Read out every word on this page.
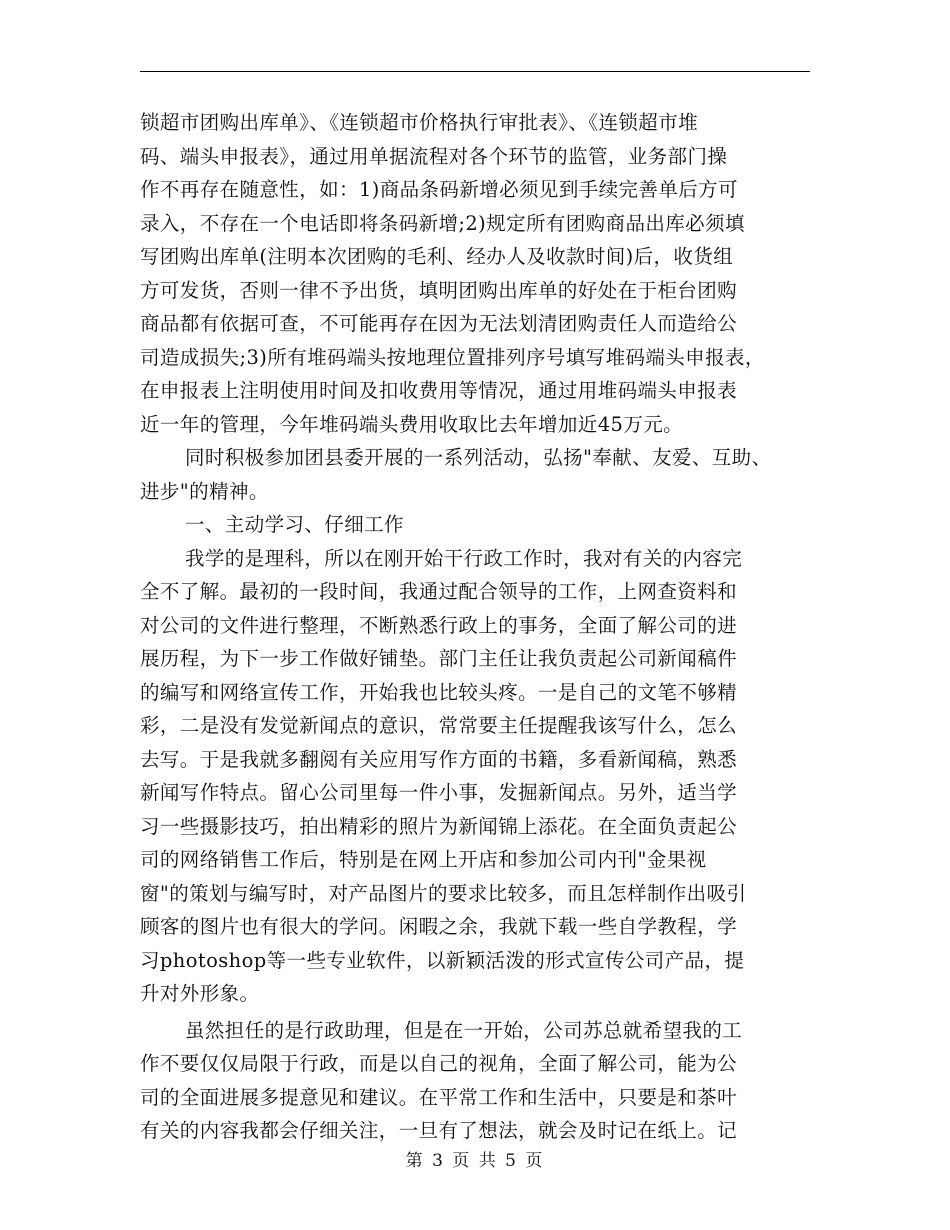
锁超市团购出库单》、《连锁超市价格执行审批表》、《连锁超市堆
码、端头申报表》，通过用单据流程对各个环节的监管，业务部门操
作不再存在随意性，如：1)商品条码新增必须见到手续完善单后方可
录入，不存在一个电话即将条码新增;2)规定所有团购商品出库必须填
写团购出库单(注明本次团购的毛利、经办人及收款时间)后，收货组
方可发货，否则一律不予出货，填明团购出库单的好处在于柜台团购
商品都有依据可查，不可能再存在因为无法划清团购责任人而造给公
司造成损失;3)所有堆码端头按地理位置排列序号填写堆码端头申报表，
在申报表上注明使用时间及扣收费用等情况，通过用堆码端头申报表
近一年的管理，今年堆码端头费用收取比去年增加近45万元。
同时积极参加团县委开展的一系列活动，弘扬"奉献、友爱、互助、
进步"的精神。
一、主动学习、仔细工作
我学的是理科，所以在刚开始干行政工作时，我对有关的内容完
全不了解。最初的一段时间，我通过配合领导的工作，上网查资料和
对公司的文件进行整理，不断熟悉行政上的事务，全面了解公司的进
展历程，为下一步工作做好铺垫。部门主任让我负责起公司新闻稿件
的编写和网络宣传工作，开始我也比较头疼。一是自己的文笔不够精
彩，二是没有发觉新闻点的意识，常常要主任提醒我该写什么，怎么
去写。于是我就多翻阅有关应用写作方面的书籍，多看新闻稿，熟悉
新闻写作特点。留心公司里每一件小事，发掘新闻点。另外，适当学
习一些摄影技巧，拍出精彩的照片为新闻锦上添花。在全面负责起公
司的网络销售工作后，特别是在网上开店和参加公司内刊"金果视
窗"的策划与编写时，对产品图片的要求比较多，而且怎样制作出吸引
顾客的图片也有很大的学问。闲暇之余，我就下载一些自学教程，学
习photoshop等一些专业软件，以新颖活泼的形式宣传公司产品，提
升对外形象。
虽然担任的是行政助理，但是在一开始，公司苏总就希望我的工
作不要仅仅局限于行政，而是以自己的视角，全面了解公司，能为公
司的全面进展多提意见和建议。在平常工作和生活中，只要是和茶叶
有关的内容我都会仔细关注，一旦有了想法，就会及时记在纸上。记
第 3 页 共 5 页
